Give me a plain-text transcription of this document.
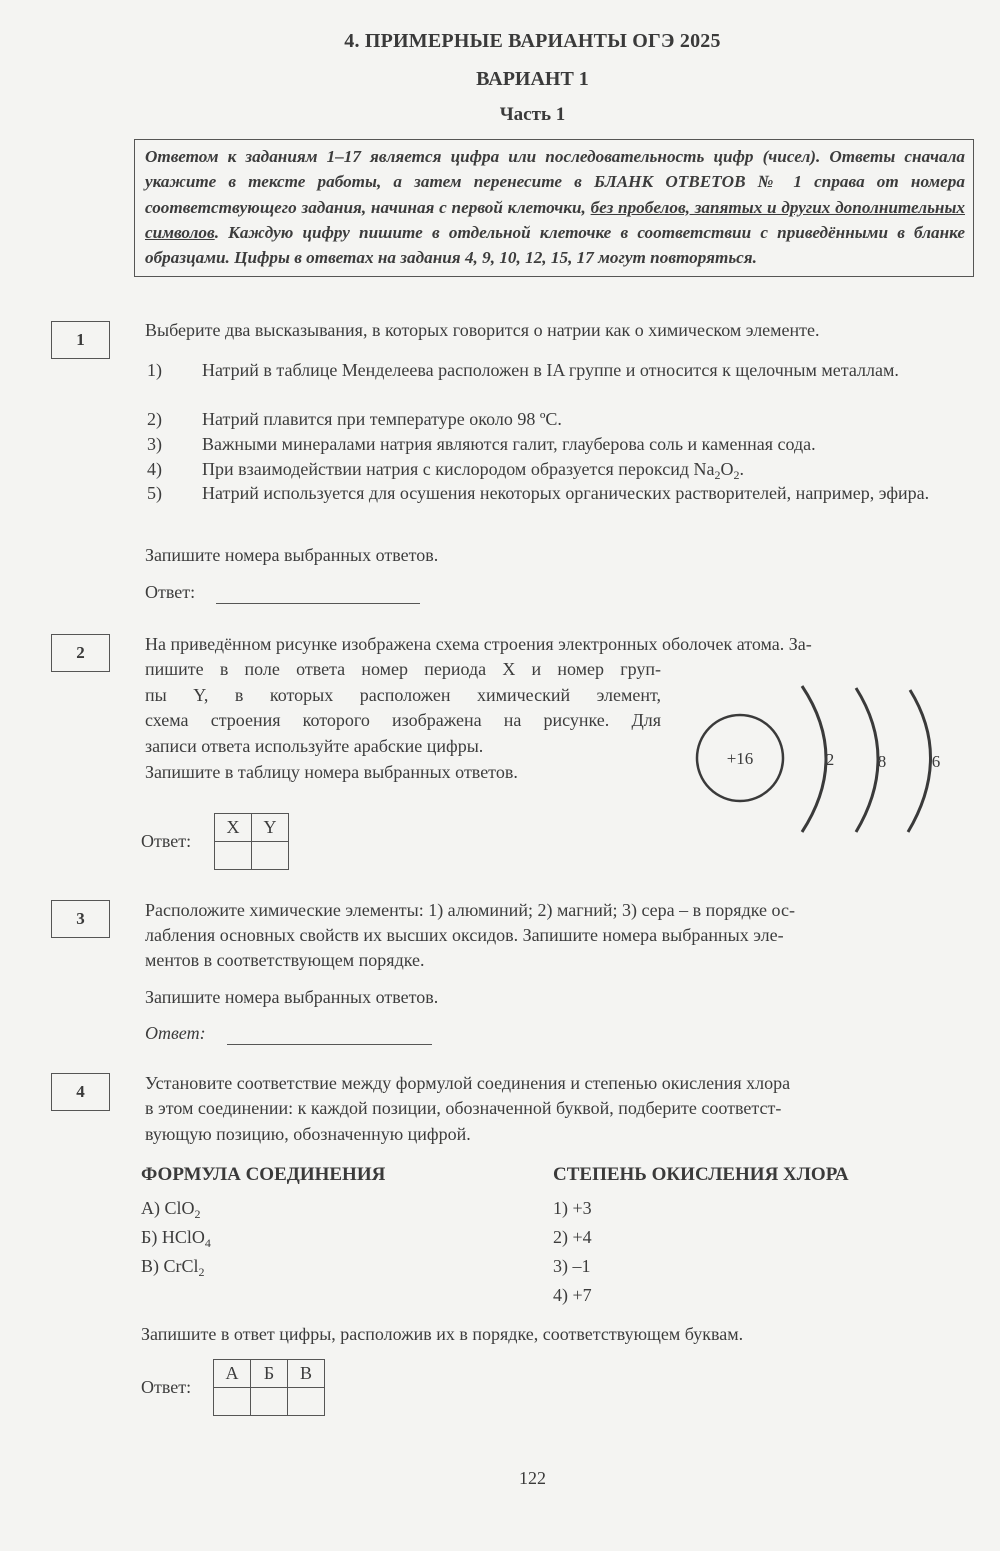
4. ПРИМЕРНЫЕ ВАРИАНТЫ ОГЭ 2025
ВАРИАНТ 1
Часть 1
Ответом к заданиям 1–17 является цифра или последовательность цифр (чисел). Ответы сначала укажите в тексте работы, а затем перенесите в БЛАНК ОТВЕТОВ № 1 справа от номера соответствующего задания, начиная с первой клеточки, без пробелов, запятых и других дополнительных символов. Каждую цифру пишите в отдельной клеточке в соответствии с приведёнными в бланке образцами. Цифры в ответах на задания 4, 9, 10, 12, 15, 17 могут повторяться.
1	Выберите два высказывания, в которых говорится о натрии как о химическом элементе.
1) Натрий в таблице Менделеева расположен в IA группе и относится к щелочным металлам.
2) Натрий плавится при температуре около 98 ºC.
3) Важными минералами натрия являются галит, глауберова соль и каменная сода.
4) При взаимодействии натрия с кислородом образуется пероксид $Na_2O_2$.
5) Натрий используется для осушения некоторых органических растворителей, например, эфира.
Запишите номера выбранных ответов.
Ответ:
2	На приведённом рисунке изображена схема строения электронных оболочек атома. За-
пишите в поле ответа номер периода X и номер груп-
пы Y, в которых расположен химический элемент,
схема строения которого изображена на рисунке. Для
записи ответа используйте арабские цифры.
Запишите в таблицу номера выбранных ответов.
+16	2	8	6
Ответ:
X	Y

3	Расположите химические элементы: 1) алюминий; 2) магний; 3) сера – в порядке ос-
лабления основных свойств их высших оксидов. Запишите номера выбранных эле-
ментов в соответствующем порядке.
Запишите номера выбранных ответов.
Ответ:
4	Установите соответствие между формулой соединения и степенью окисления хлора
в этом соединении: к каждой позиции, обозначенной буквой, подберите соответст-
вующую позицию, обозначенную цифрой.
ФОРМУЛА СОЕДИНЕНИЯ	СТЕПЕНЬ ОКИСЛЕНИЯ ХЛОРА
А) ClO$_2$
Б) HClO$_4$
В) CrCl$_2$
1) +3
2) +4
3) –1
4) +7
Запишите в ответ цифры, расположив их в порядке, соответствующем буквам.
Ответ:
А	Б	В

122
